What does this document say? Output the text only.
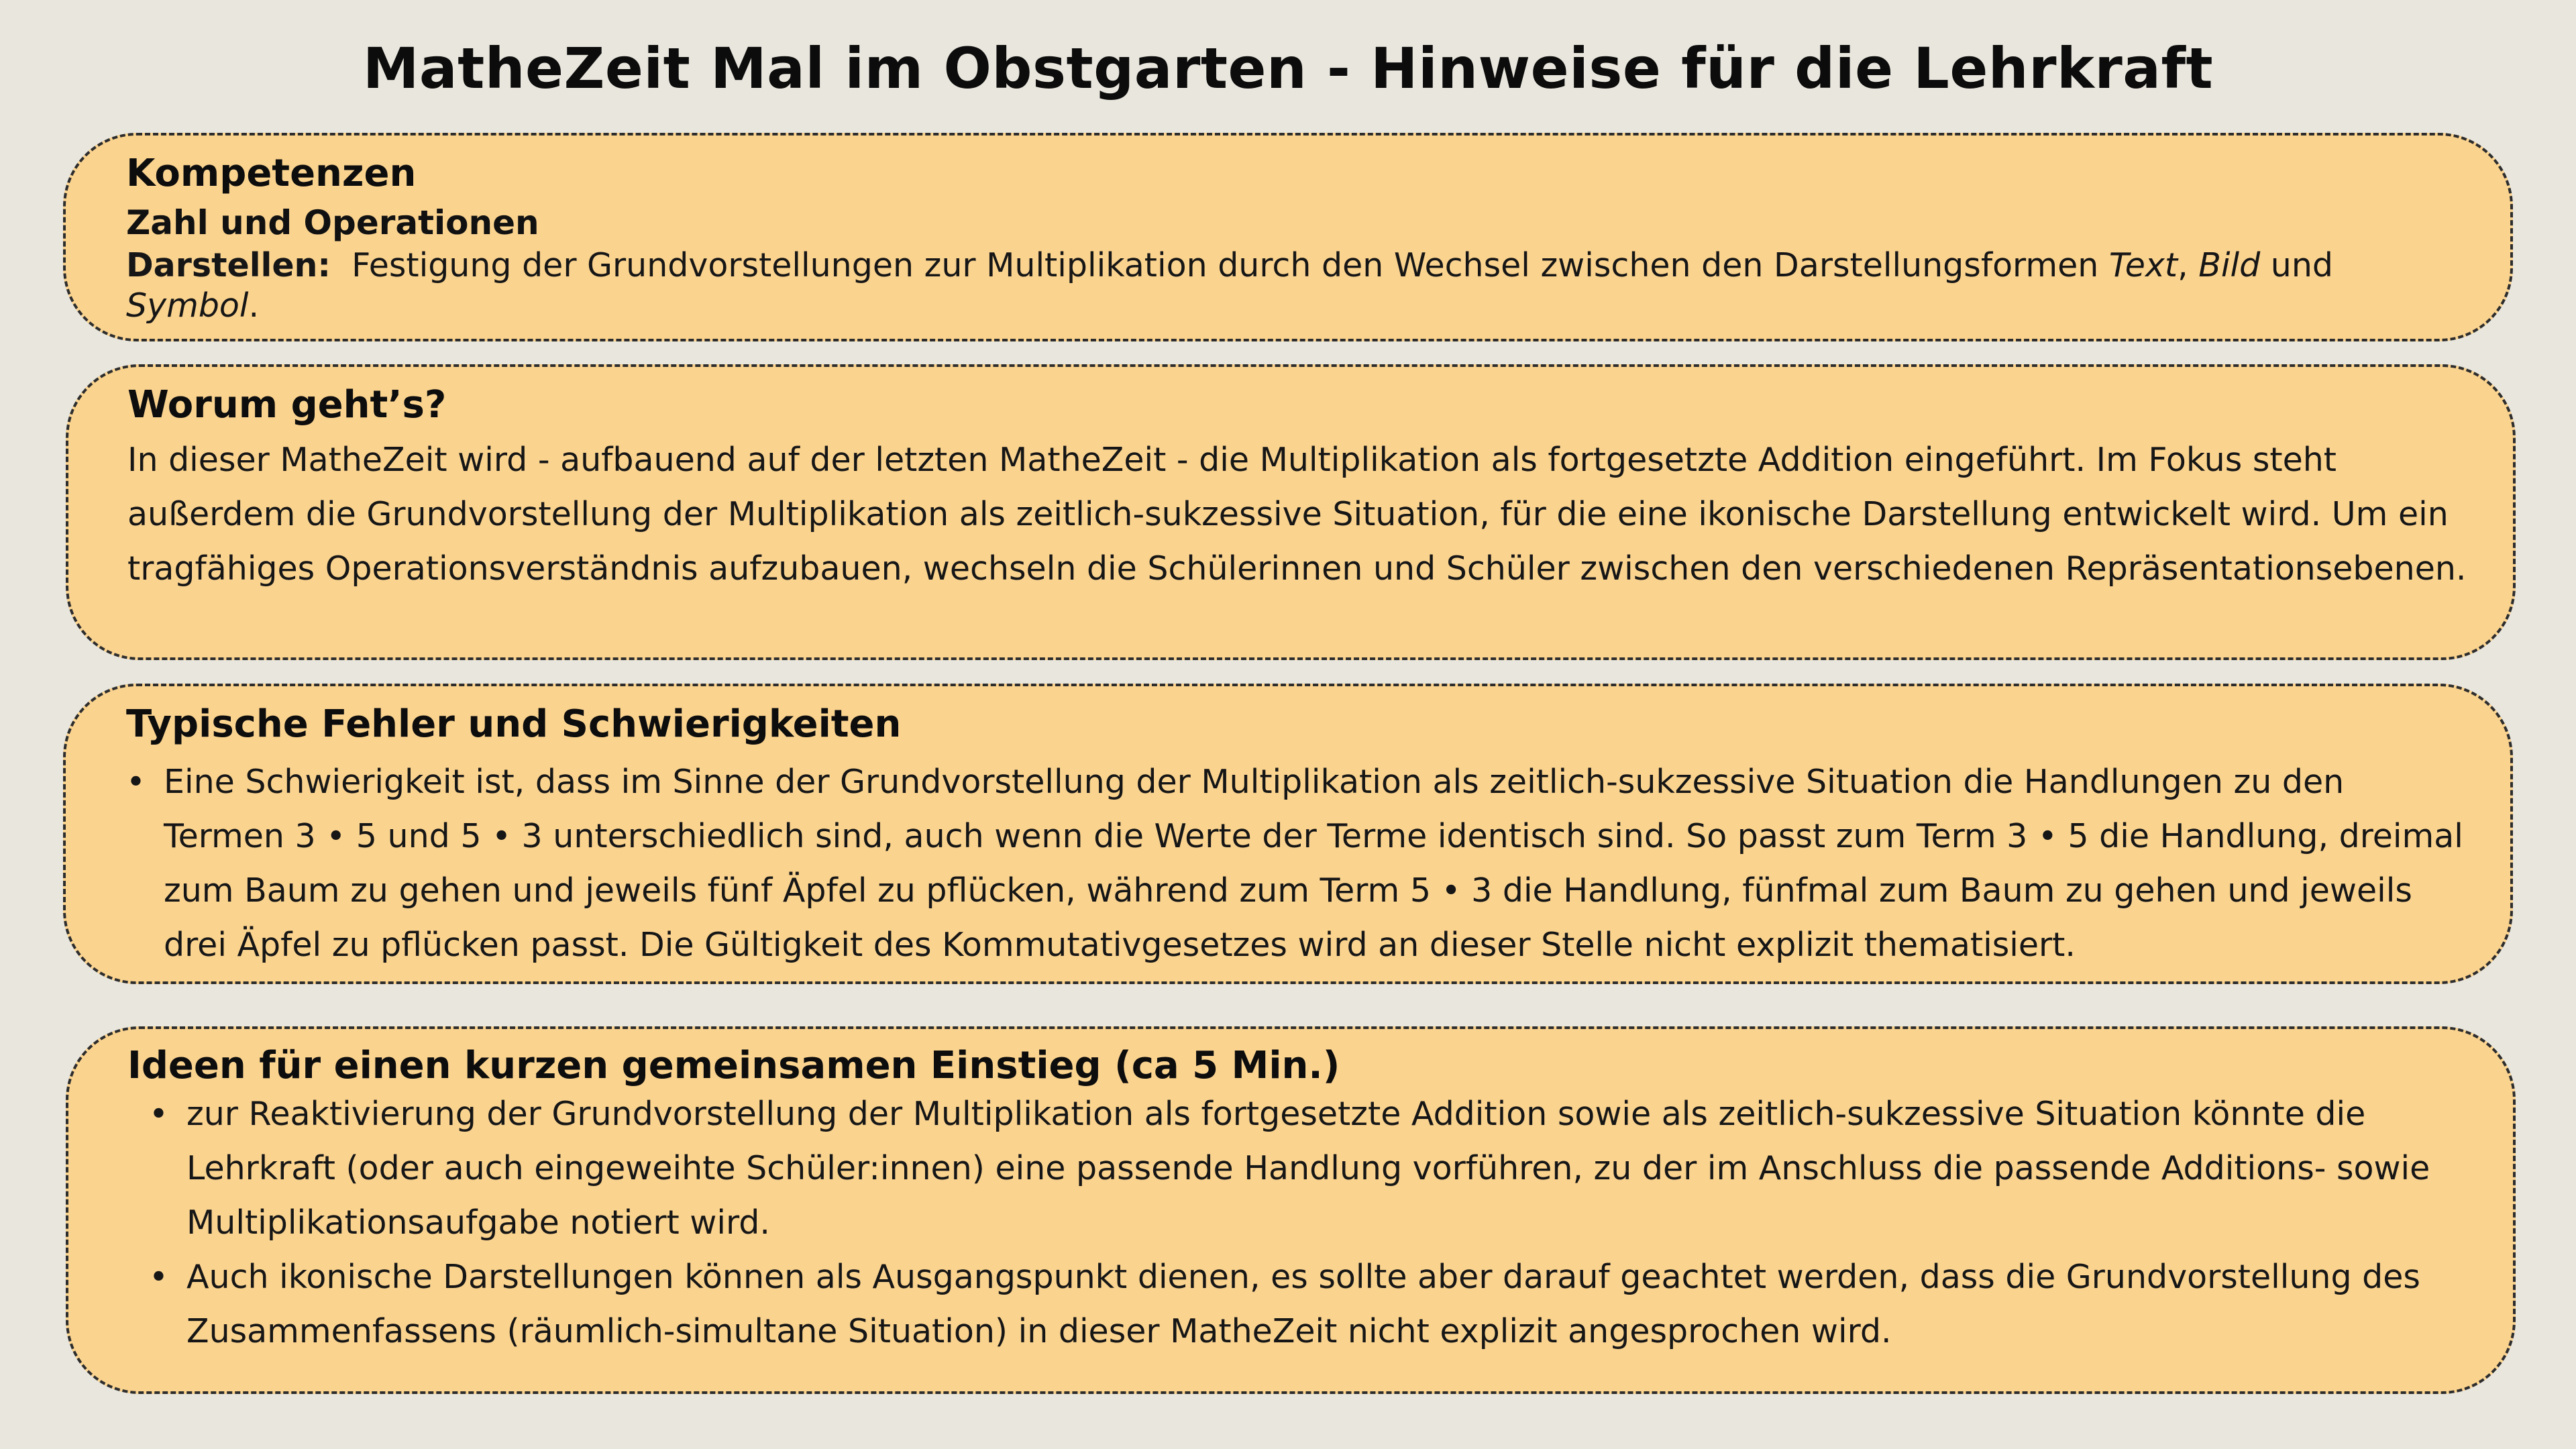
MatheZeit Mal im Obstgarten - Hinweise für die Lehrkraft
Kompetenzen
Zahl und Operationen
Darstellen:  Festigung der Grundvorstellungen zur Multiplikation durch den Wechsel zwischen den Darstellungsformen Text, Bild und Symbol.
Worum geht’s?
In dieser MatheZeit wird - aufbauend auf der letzten MatheZeit - die Multiplikation als fortgesetzte Addition eingeführt. Im Fokus steht außerdem die Grundvorstellung der Multiplikation als zeitlich-sukzessive Situation, für die eine ikonische Darstellung entwickelt wird. Um ein tragfähiges Operationsverständnis aufzubauen, wechseln die Schülerinnen und Schüler zwischen den verschiedenen Repräsentationsebenen.
Typische Fehler und Schwierigkeiten
• Eine Schwierigkeit ist, dass im Sinne der Grundvorstellung der Multiplikation als zeitlich-sukzessive Situation die Handlungen zu den Termen 3 • 5 und 5 • 3 unterschiedlich sind, auch wenn die Werte der Terme identisch sind. So passt zum Term 3 • 5 die Handlung, dreimal zum Baum zu gehen und jeweils fünf Äpfel zu pflücken, während zum Term 5 • 3 die Handlung, fünfmal zum Baum zu gehen und jeweils drei Äpfel zu pflücken passt. Die Gültigkeit des Kommutativgesetzes wird an dieser Stelle nicht explizit thematisiert.
Ideen für einen kurzen gemeinsamen Einstieg (ca 5 Min.)
• zur Reaktivierung der Grundvorstellung der Multiplikation als fortgesetzte Addition sowie als zeitlich-sukzessive Situation könnte die Lehrkraft (oder auch eingeweihte Schüler:innen) eine passende Handlung vorführen, zu der im Anschluss die passende Additions- sowie Multiplikationsaufgabe notiert wird.
• Auch ikonische Darstellungen können als Ausgangspunkt dienen, es sollte aber darauf geachtet werden, dass die Grundvorstellung des Zusammenfassens (räumlich-simultane Situation) in dieser MatheZeit nicht explizit angesprochen wird.
